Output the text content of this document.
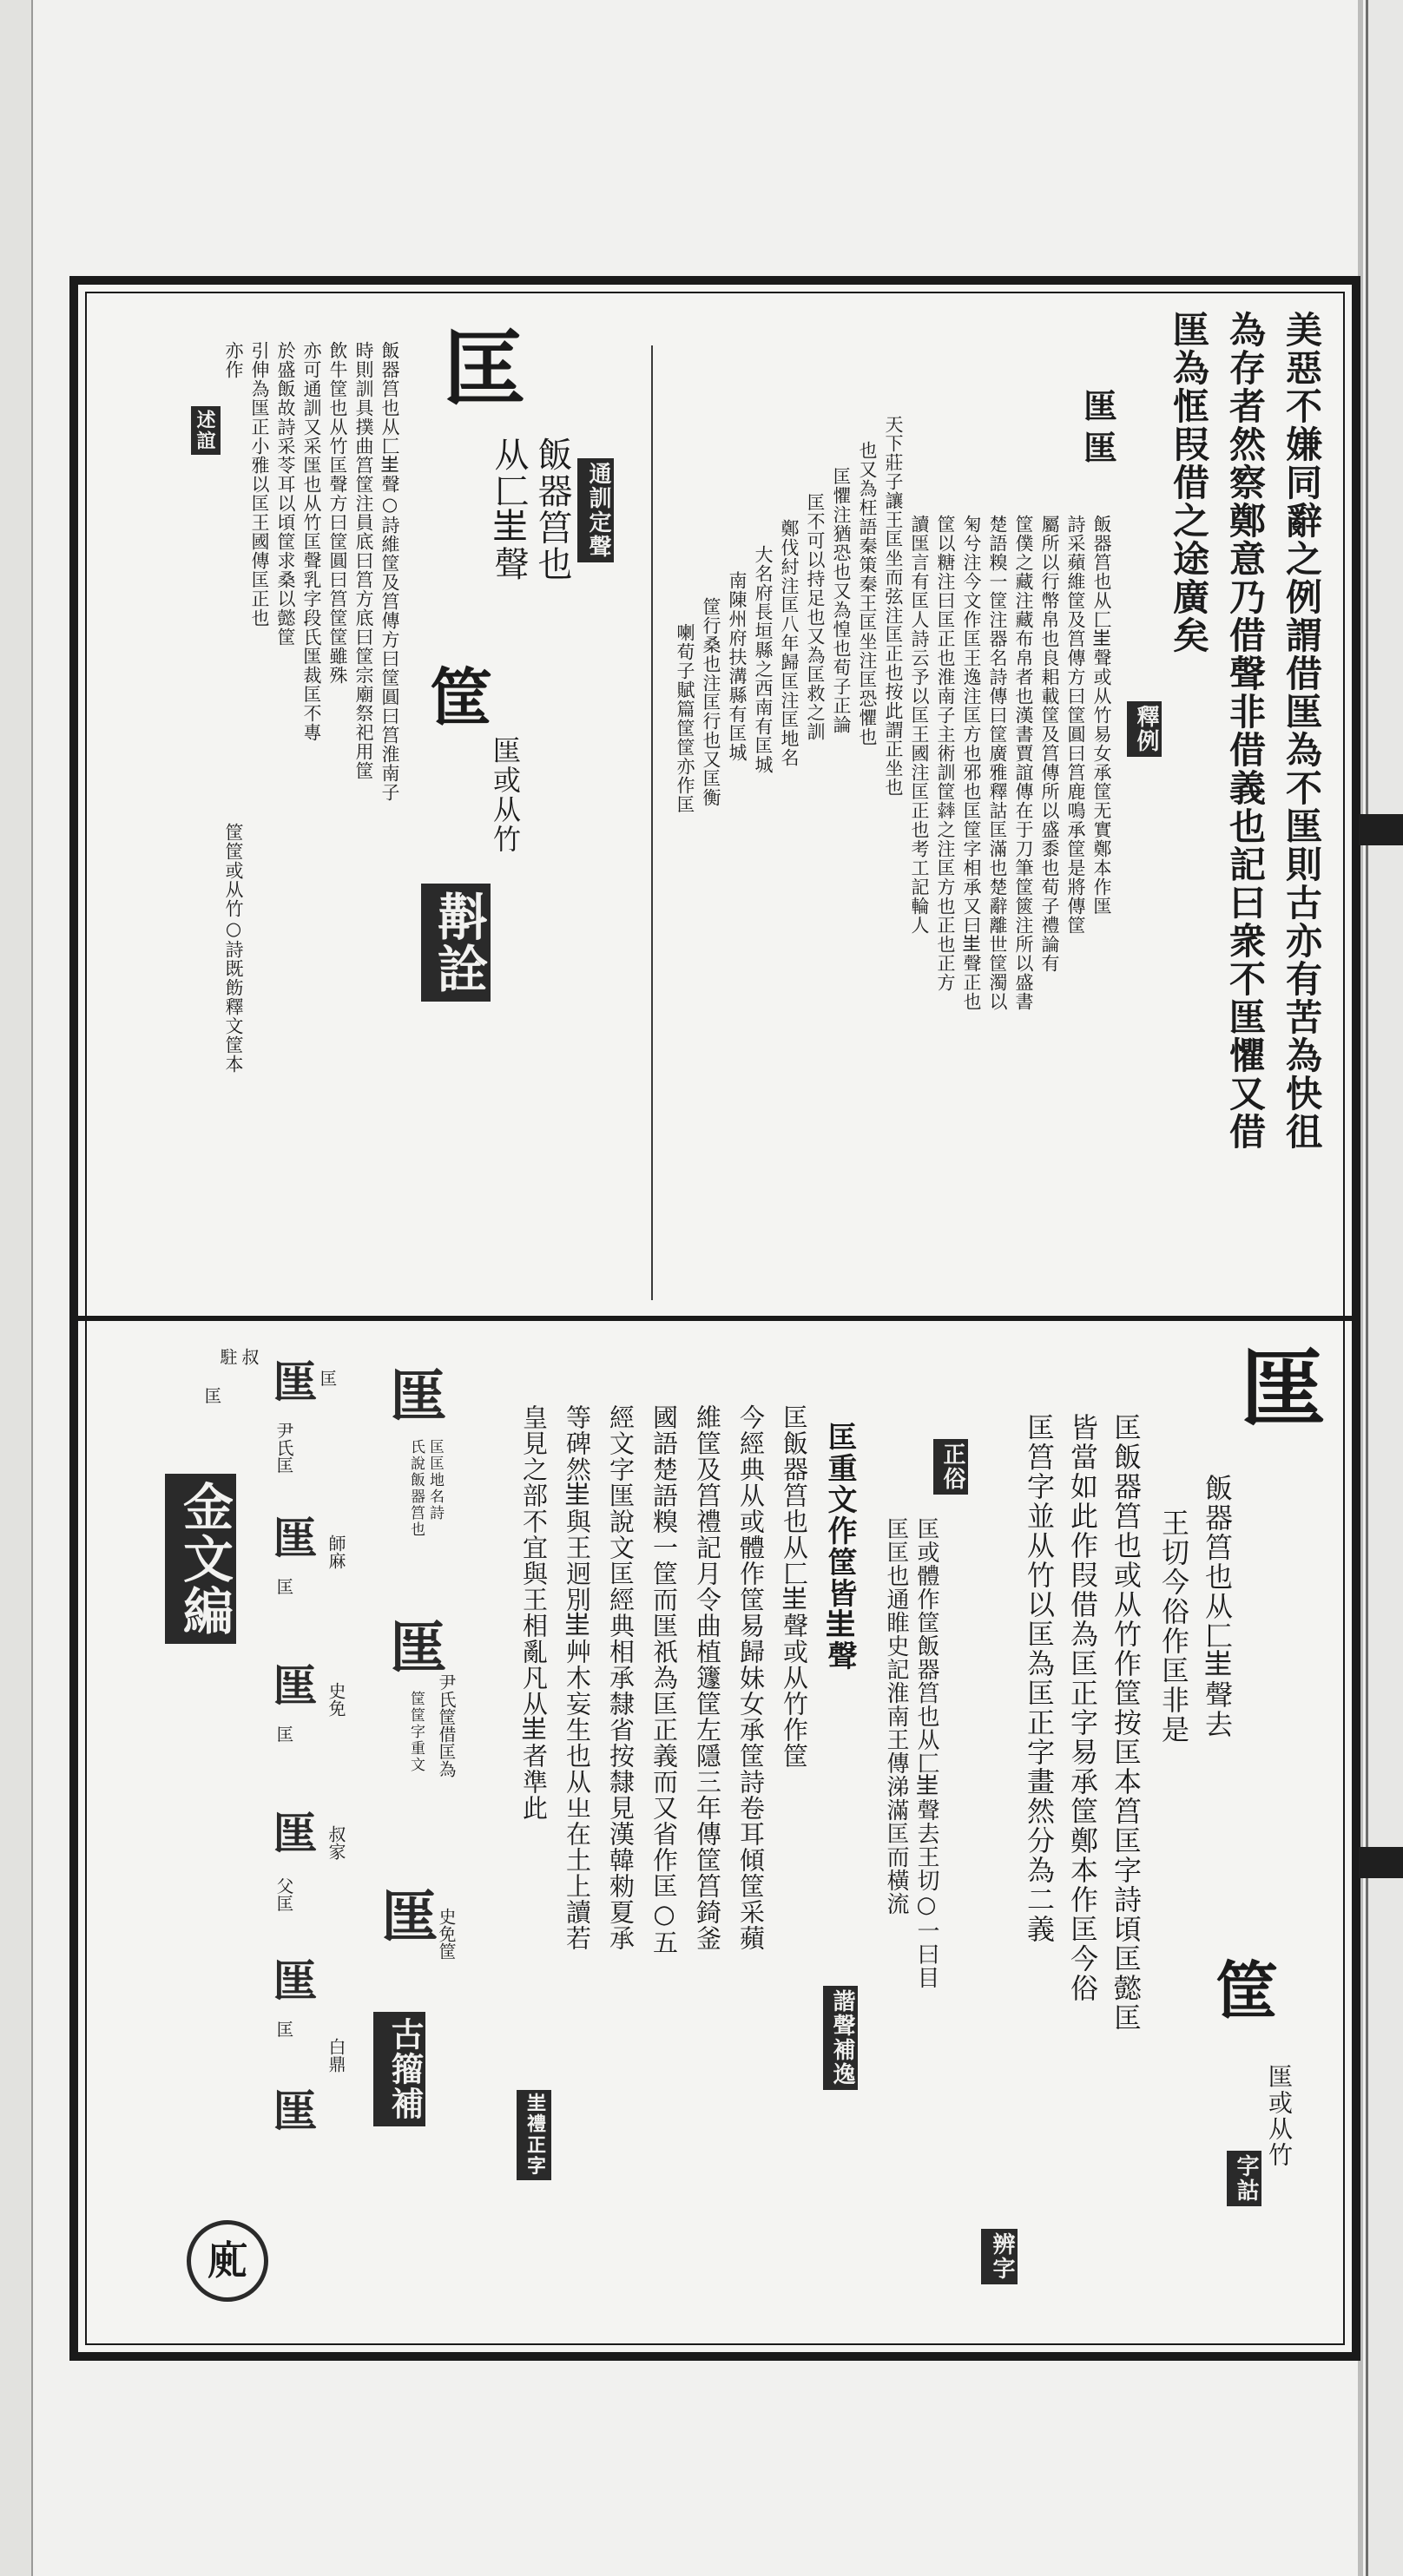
美惡不嫌同辭之例謂借匩為不匩則古亦有苦為快徂
為存者然察鄭意乃借聲非借義也記曰衆不匩懼又借
匩為恇叚借之途廣矣
釋例
匩
匩
飯器筥也从匚𡉚聲或从竹易女承筐无實鄭本作匩
詩采蘋維筐及筥傳方曰筐圓曰筥鹿鳴承筐是將傳筐
屬所以行幣帛也良耜載筐及筥傳所以盛黍也荀子禮論有
筐僕之藏注藏布帛者也漢書賈誼傳在于刀筆筐篋注所以盛書
楚語糗一筐注器名詩傳曰筐廣雅釋詁匡滿也楚辭離世筐濁以
匊兮注今文作匡王逸注匡方也邪也匡筐字相承又曰𡉚聲正也
筐以糖注曰匡正也淮南子主術訓筐𦆽之注匡方也正也正方
讀匩言有匡人詩云予以匡王國注匡正也考工記輪人
天下莊子讓王匡坐而弦注匡正也按此謂正坐也
也又為枉語秦策秦王匡坐注匡恐懼也
匡懼注猶恐也又為惶也荀子正論
匡不可以持足也又為匡救之訓
鄭伐紂注匡八年歸匡注匡地名
大名府長垣縣之西南有匡城
南陳州府扶溝縣有匡城
筐行桑也注匡行也又匡衡
喇荀子賦篇筐筐亦作匡
匡
飯器筥也
从匚𡉚聲
筐
匩或从竹
斠詮
通訓定聲
飯器筥也从匚𡉚聲○詩維筐及筥傳方曰筐圓曰筥淮南子
時則訓具撲曲筥筐注員底曰筥方底曰筐宗廟祭祀用筐
飲牛筐也从竹匡聲方曰筐圓曰筥筐筐雖殊
亦可通訓又采匩也从竹匡聲乳字段氏匩裁匡不專
於盛飯故詩采苓耳以頃筐求桑以懿筐
引伸為匩正小雅以匡王國傳匡正也
亦作
筐筐或从竹○詩既飭釋文筐本
述誼
匩
飯器筥也从匚𡉚聲去
王切今俗作匡非是
筐
匩或从竹
字詁
匡飯器筥也或从竹作筐按匡本筥匡字詩頃匡懿匡
皆當如此作叚借為匡正字易承筐鄭本作匡今俗
匡筥字並从竹以匡為匡正字畫然分為二義
辨字
正俗
匡或體作筐飯器筥也从匚𡉚聲去王切○一曰目
匡匡也通睢史記淮南王傳涕滿匡而橫流
匡重文作筐皆𡉚聲
諧聲補逸
匡飯器筥也从匚𡉚聲或从竹作筐
今經典从或體作筐易歸妹女承筐詩卷耳傾筐采蘋
維筐及筥禮記月令曲植籧筐左隱三年傳筐筥錡釜
國語楚語糗一筐而匩祇為匡正義而又省作匡○五
經文字匩說文匡經典相承隸省按隸見漢韓勑夏承
等碑然𡉚與王迥別𡉚艸木妄生也从㞢在土上讀若
皇見之部不宜與王相亂凡从𡉚者準此
𡉚禮正字
匩
匡匡地名詩
氏說飯器筥也
匩
尹氏筐借匡為
筐筐字重文
匩
史免筐
古籀補
駐 叔
匡
金文編
匩 匡
尹氏匡
匩
匡
師麻
匩
匡
史免
匩 叔家
父匡
匩
匡
白鼎
匩
𢈗
